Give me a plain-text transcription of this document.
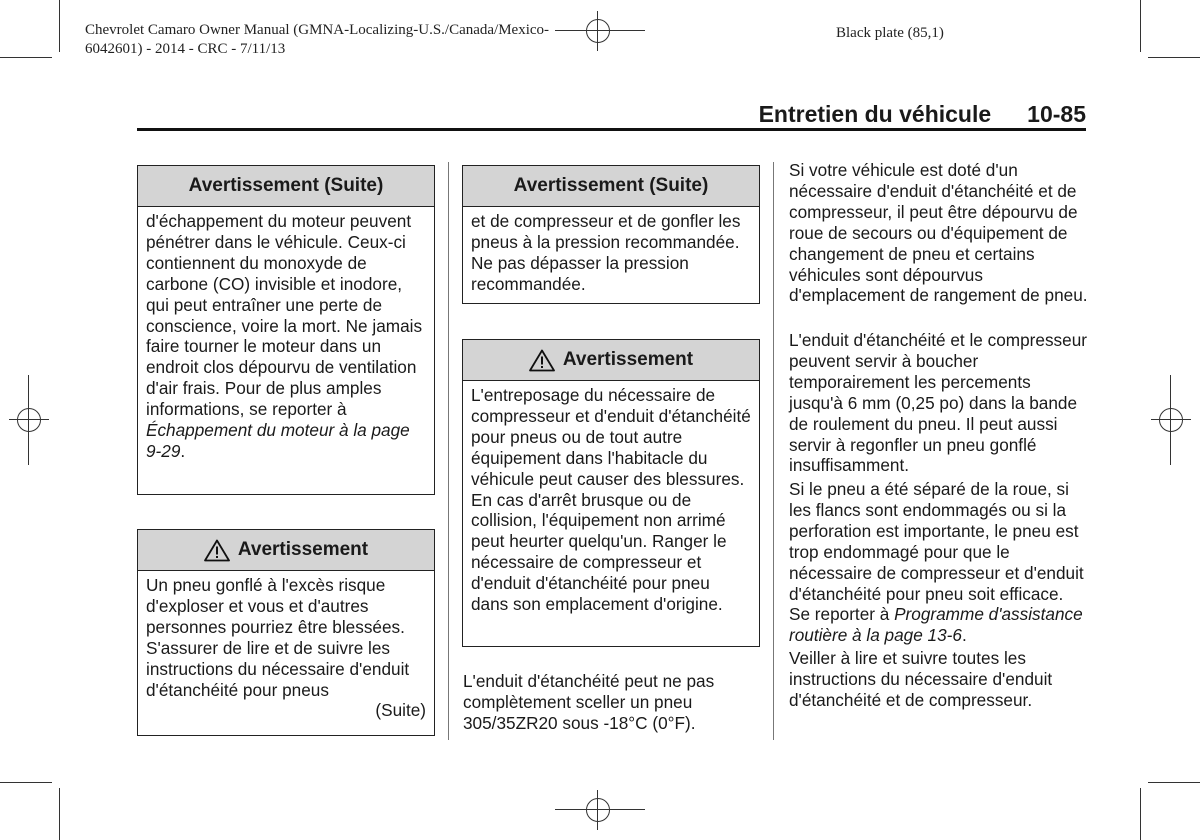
Chevrolet Camaro Owner Manual (GMNA-Localizing-U.S./Canada/Mexico-
6042601) - 2014 - CRC - 7/11/13
Black plate (85,1)
Entretien du véhicule 10-85
Avertissement (Suite)
d'échappement du moteur peuvent pénétrer dans le véhicule. Ceux-ci contiennent du monoxyde de carbone (CO) invisible et inodore, qui peut entraîner une perte de conscience, voire la mort. Ne jamais faire tourner le moteur dans un endroit clos dépourvu de ventilation d'air frais. Pour de plus amples informations, se reporter à Échappement du moteur à la page 9-29.
Avertissement
Un pneu gonflé à l'excès risque d'exploser et vous et d'autres personnes pourriez être blessées. S'assurer de lire et de suivre les instructions du nécessaire d'enduit d'étanchéité pour pneus
(Suite)
Avertissement (Suite)
et de compresseur et de gonfler les pneus à la pression recommandée. Ne pas dépasser la pression recommandée.
Avertissement
L'entreposage du nécessaire de compresseur et d'enduit d'étanchéité pour pneus ou de tout autre équipement dans l'habitacle du véhicule peut causer des blessures. En cas d'arrêt brusque ou de collision, l'équipement non arrimé peut heurter quelqu'un. Ranger le nécessaire de compresseur et d'enduit d'étanchéité pour pneu dans son emplacement d'origine.
L'enduit d'étanchéité peut ne pas complètement sceller un pneu 305/35ZR20 sous -18°C (0°F).
Si votre véhicule est doté d'un nécessaire d'enduit d'étanchéité et de compresseur, il peut être dépourvu de roue de secours ou d'équipement de changement de pneu et certains véhicules sont dépourvus d'emplacement de rangement de pneu.
L'enduit d'étanchéité et le compresseur peuvent servir à boucher temporairement les percements jusqu'à 6 mm (0,25 po) dans la bande de roulement du pneu. Il peut aussi servir à regonfler un pneu gonflé insuffisamment.
Si le pneu a été séparé de la roue, si les flancs sont endommagés ou si la perforation est importante, le pneu est trop endommagé pour que le nécessaire de compresseur et d'enduit d'étanchéité pour pneu soit efficace. Se reporter à Programme d'assistance routière à la page 13-6.
Veiller à lire et suivre toutes les instructions du nécessaire d'enduit d'étanchéité et de compresseur.
